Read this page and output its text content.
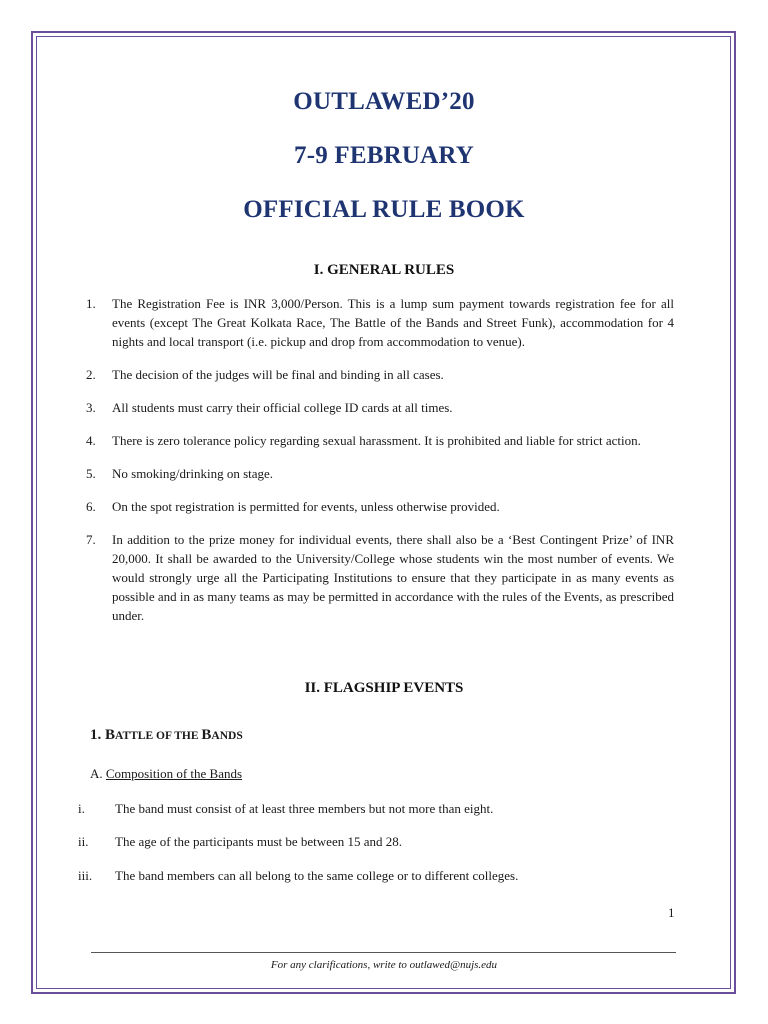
OUTLAWED’20
7-9 FEBRUARY
OFFICIAL RULE BOOK
I. GENERAL RULES
1. The Registration Fee is INR 3,000/Person. This is a lump sum payment towards registration fee for all events (except The Great Kolkata Race, The Battle of the Bands and Street Funk), accommodation for 4 nights and local transport (i.e. pickup and drop from accommodation to venue).
2. The decision of the judges will be final and binding in all cases.
3. All students must carry their official college ID cards at all times.
4. There is zero tolerance policy regarding sexual harassment. It is prohibited and liable for strict action.
5. No smoking/drinking on stage.
6. On the spot registration is permitted for events, unless otherwise provided.
7. In addition to the prize money for individual events, there shall also be a ‘Best Contingent Prize’ of INR 20,000. It shall be awarded to the University/College whose students win the most number of events. We would strongly urge all the Participating Institutions to ensure that they participate in as many events as possible and in as many teams as may be permitted in accordance with the rules of the Events, as prescribed under.
II. FLAGSHIP EVENTS
1. BATTLE OF THE BANDS
A. Composition of the Bands
i.	The band must consist of at least three members but not more than eight.
ii.	The age of the participants must be between 15 and 28.
iii.	The band members can all belong to the same college or to different colleges.
1
For any clarifications, write to outlawed@nujs.edu
